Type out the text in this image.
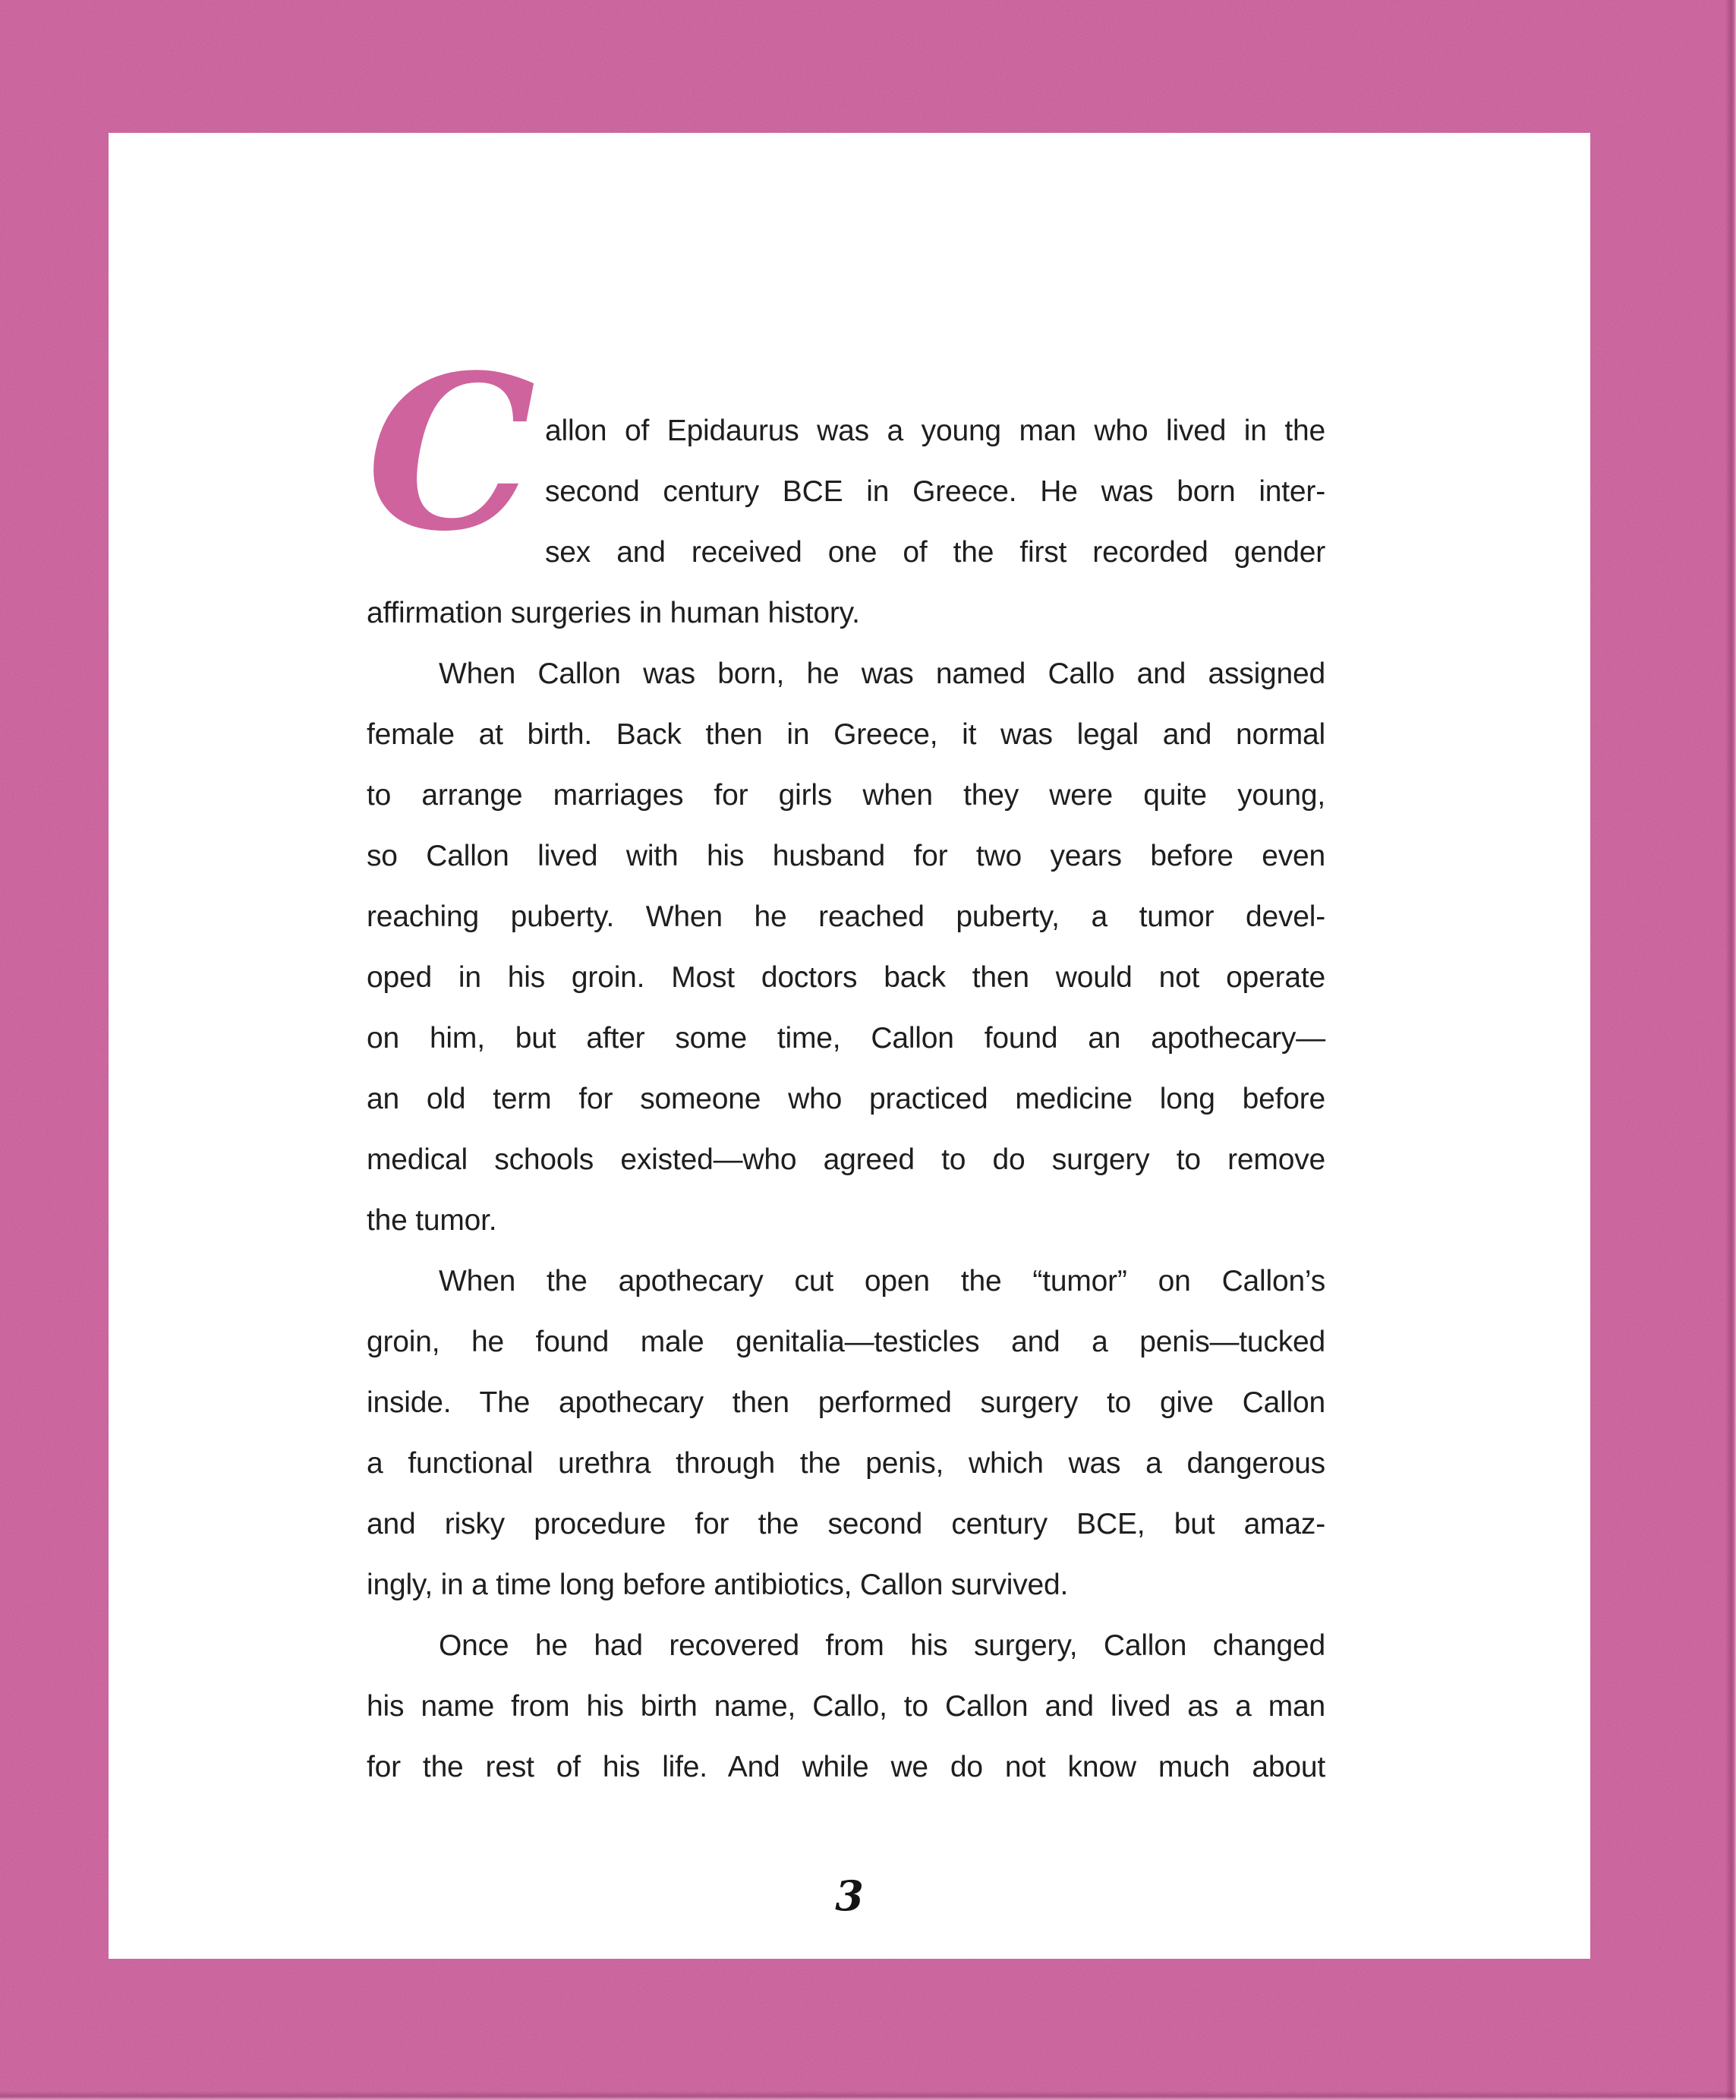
C allon of Epidaurus was a young man who lived in the
second century BCE in Greece. He was born inter-
sex and received one of the first recorded gender
affirmation surgeries in human history.
When Callon was born, he was named Callo and assigned
female at birth. Back then in Greece, it was legal and normal
to arrange marriages for girls when they were quite young,
so Callon lived with his husband for two years before even
reaching puberty. When he reached puberty, a tumor devel-
oped in his groin. Most doctors back then would not operate
on him, but after some time, Callon found an apothecary—
an old term for someone who practiced medicine long before
medical schools existed—who agreed to do surgery to remove
the tumor.
When the apothecary cut open the “tumor” on Callon’s
groin, he found male genitalia—testicles and a penis—tucked
inside. The apothecary then performed surgery to give Callon
a functional urethra through the penis, which was a dangerous
and risky procedure for the second century BCE, but amaz-
ingly, in a time long before antibiotics, Callon survived.
Once he had recovered from his surgery, Callon changed
his name from his birth name, Callo, to Callon and lived as a man
for the rest of his life. And while we do not know much about
3
